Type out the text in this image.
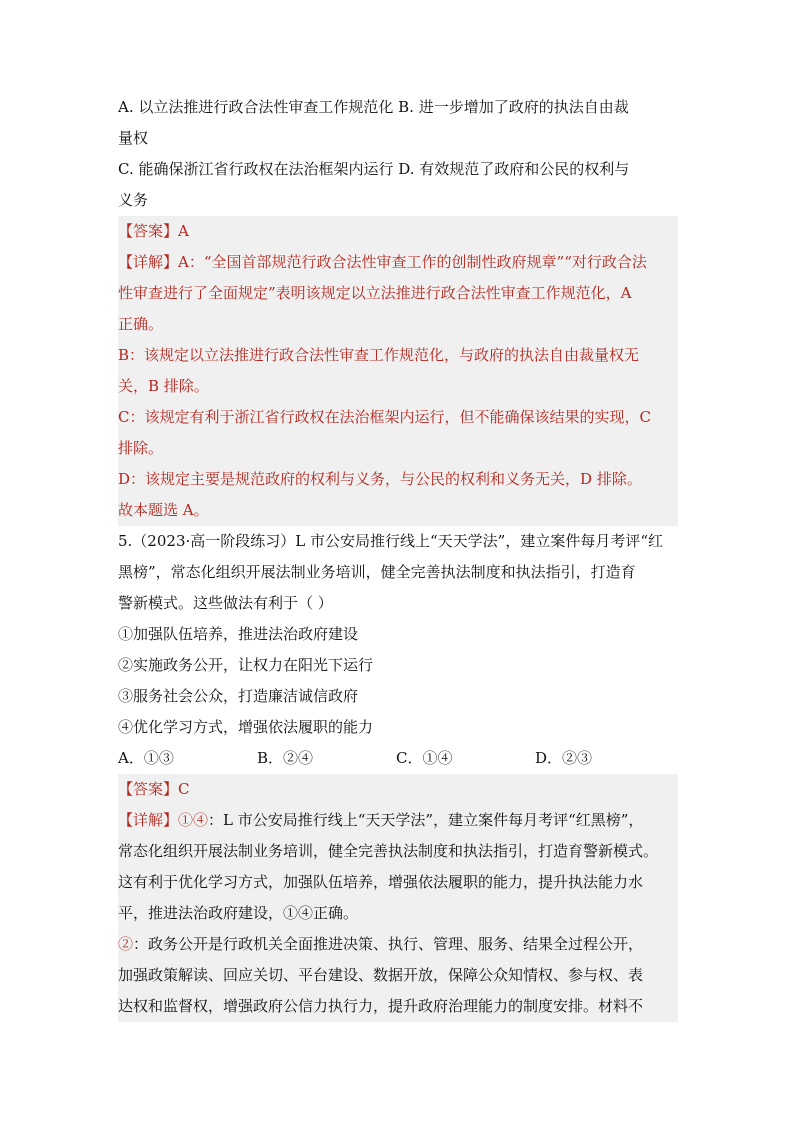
A. 以立法推进行政合法性审查工作规范化 B. 进一步增加了政府的执法自由裁
量权
C. 能确保浙江省行政权在法治框架内运行 D. 有效规范了政府和公民的权利与
义务
【答案】A
【详解】A：“全国首部规范行政合法性审查工作的创制性政府规章”“对行政合法
性审查进行了全面规定”表明该规定以立法推进行政合法性审查工作规范化，A
正确。
B：该规定以立法推进行政合法性审查工作规范化，与政府的执法自由裁量权无
关，B 排除。
C：该规定有利于浙江省行政权在法治框架内运行，但不能确保该结果的实现，C
排除。
D：该规定主要是规范政府的权利与义务，与公民的权利和义务无关，D 排除。
故本题选 A。
5.（2023·高一阶段练习）L 市公安局推行线上“天天学法”，建立案件每月考评“红
黑榜”，常态化组织开展法制业务培训，健全完善执法制度和执法指引，打造育
警新模式。这些做法有利于（ ）
①加强队伍培养，推进法治政府建设
②实施政务公开，让权力在阳光下运行
③服务社会公众，打造廉洁诚信政府
④优化学习方式，增强依法履职的能力
A．①③	B．②④	C．①④	D．②③
【答案】C
【详解】①④：L 市公安局推行线上“天天学法”，建立案件每月考评“红黑榜”，
常态化组织开展法制业务培训，健全完善执法制度和执法指引，打造育警新模式。
这有利于优化学习方式，加强队伍培养，增强依法履职的能力，提升执法能力水
平，推进法治政府建设，①④正确。
②：政务公开是行政机关全面推进决策、执行、管理、服务、结果全过程公开，
加强政策解读、回应关切、平台建设、数据开放，保障公众知情权、参与权、表
达权和监督权，增强政府公信力执行力，提升政府治理能力的制度安排。材料不
